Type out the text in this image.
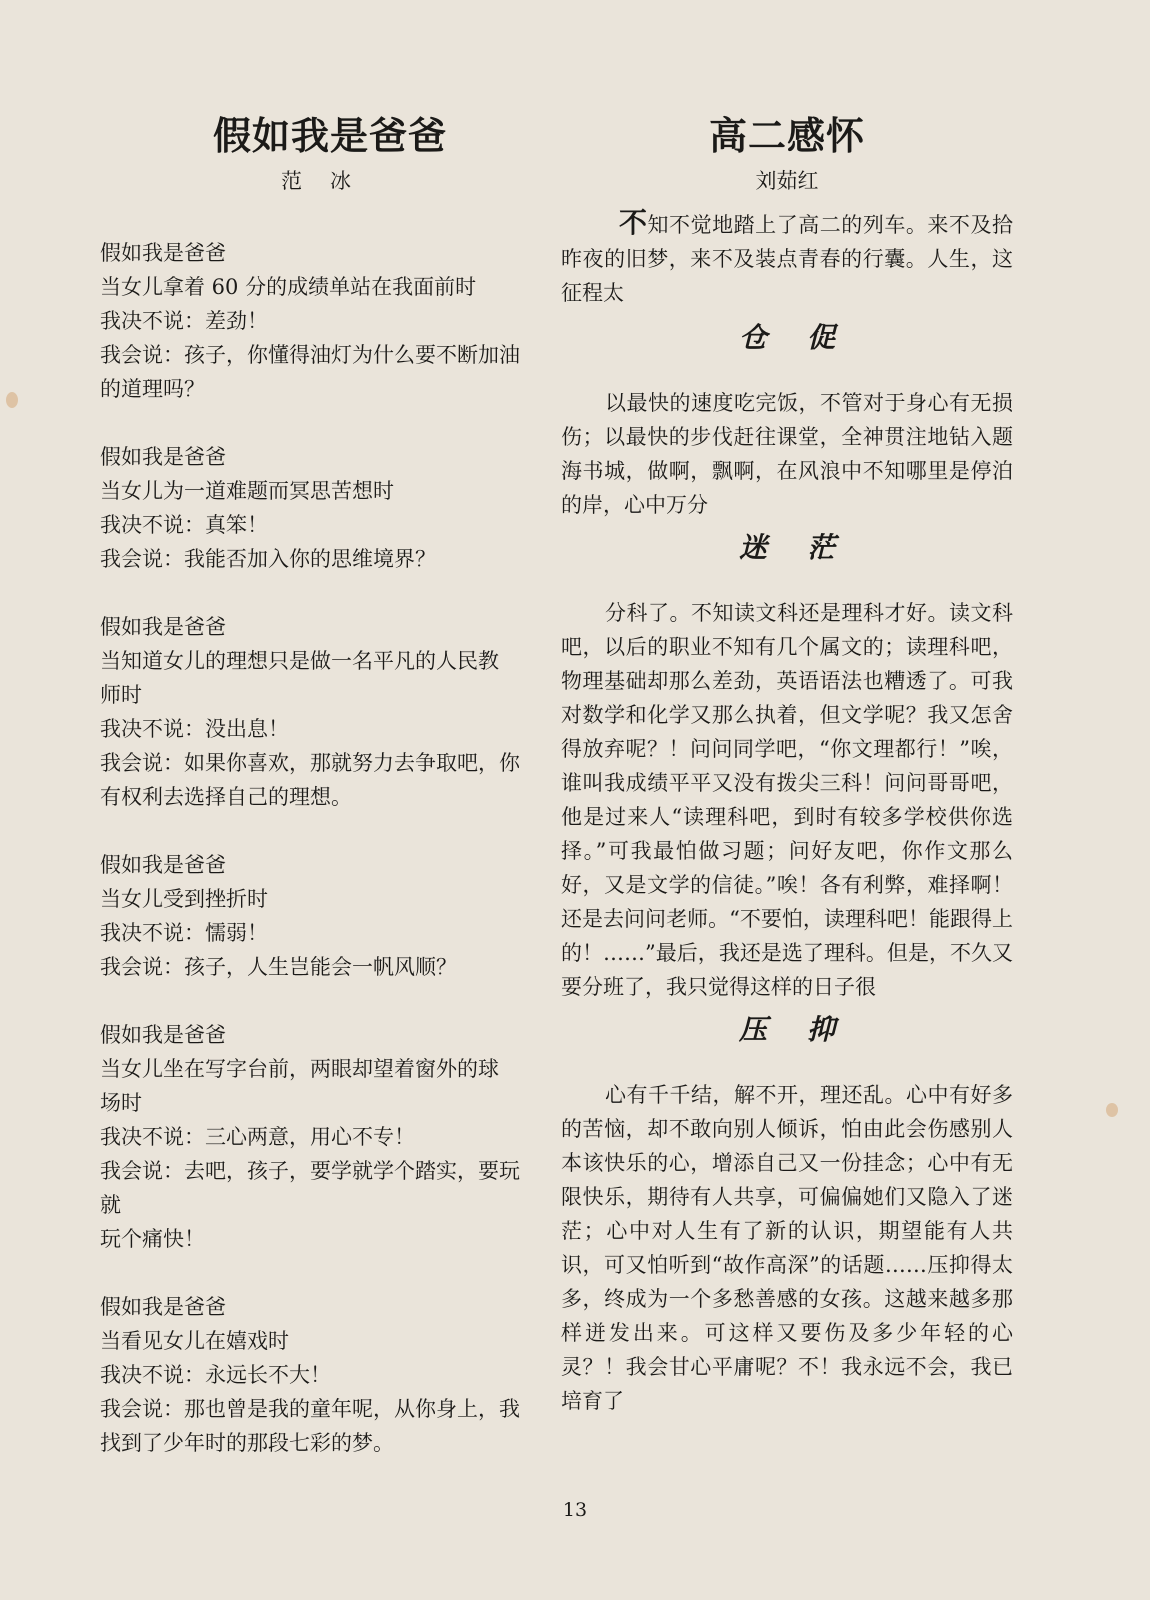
假如我是爸爸
范冰
假如我是爸爸
当女儿拿着 60 分的成绩单站在我面前时
我决不说：差劲！
我会说：孩子，你懂得油灯为什么要不断加油
的道理吗？
假如我是爸爸
当女儿为一道难题而冥思苦想时
我决不说：真笨！
我会说：我能否加入你的思维境界？
假如我是爸爸
当知道女儿的理想只是做一名平凡的人民教
师时
我决不说：没出息！
我会说：如果你喜欢，那就努力去争取吧，你
有权利去选择自己的理想。
假如我是爸爸
当女儿受到挫折时
我决不说：懦弱！
我会说：孩子，人生岂能会一帆风顺？
假如我是爸爸
当女儿坐在写字台前，两眼却望着窗外的球
场时
我决不说：三心两意，用心不专！
我会说：去吧，孩子，要学就学个踏实，要玩就
玩个痛快！
假如我是爸爸
当看见女儿在嬉戏时
我决不说：永远长不大！
我会说：那也曾是我的童年呢，从你身上，我
找到了少年时的那段七彩的梦。
高二感怀
刘茹红

不知不觉地踏上了高二的列车。来不及拾昨夜的旧梦，来不及装点青春的行囊。人生，这征程太

仓促

以最快的速度吃完饭，不管对于身心有无损伤；以最快的步伐赶往课堂，全神贯注地钻入题海书城，做啊，飘啊，在风浪中不知哪里是停泊的岸，心中万分

迷茫

分科了。不知读文科还是理科才好。读文科吧，以后的职业不知有几个属文的；读理科吧，物理基础却那么差劲，英语语法也糟透了。可我对数学和化学又那么执着，但文学呢？我又怎舍得放弃呢？！问问同学吧，“你文理都行！”唉，谁叫我成绩平平又没有拨尖三科！问问哥哥吧，他是过来人“读理科吧，到时有较多学校供你选择。”可我最怕做习题；问好友吧，你作文那么好，又是文学的信徒。”唉！各有利弊，难择啊！还是去问问老师。“不要怕，读理科吧！能跟得上的！……”最后，我还是选了理科。但是，不久又要分班了，我只觉得这样的日子很

压抑

心有千千结，解不开，理还乱。心中有好多的苦恼，却不敢向别人倾诉，怕由此会伤感别人本该快乐的心，增添自己又一份挂念；心中有无限快乐，期待有人共享，可偏偏她们又隐入了迷茫；心中对人生有了新的认识，期望能有人共识，可又怕听到“故作高深”的话题……压抑得太多，终成为一个多愁善感的女孩。这越来越多那样迸发出来。可这样又要伤及多少年轻的心灵？！我会甘心平庸呢？不！我永远不会，我已培育了

13
